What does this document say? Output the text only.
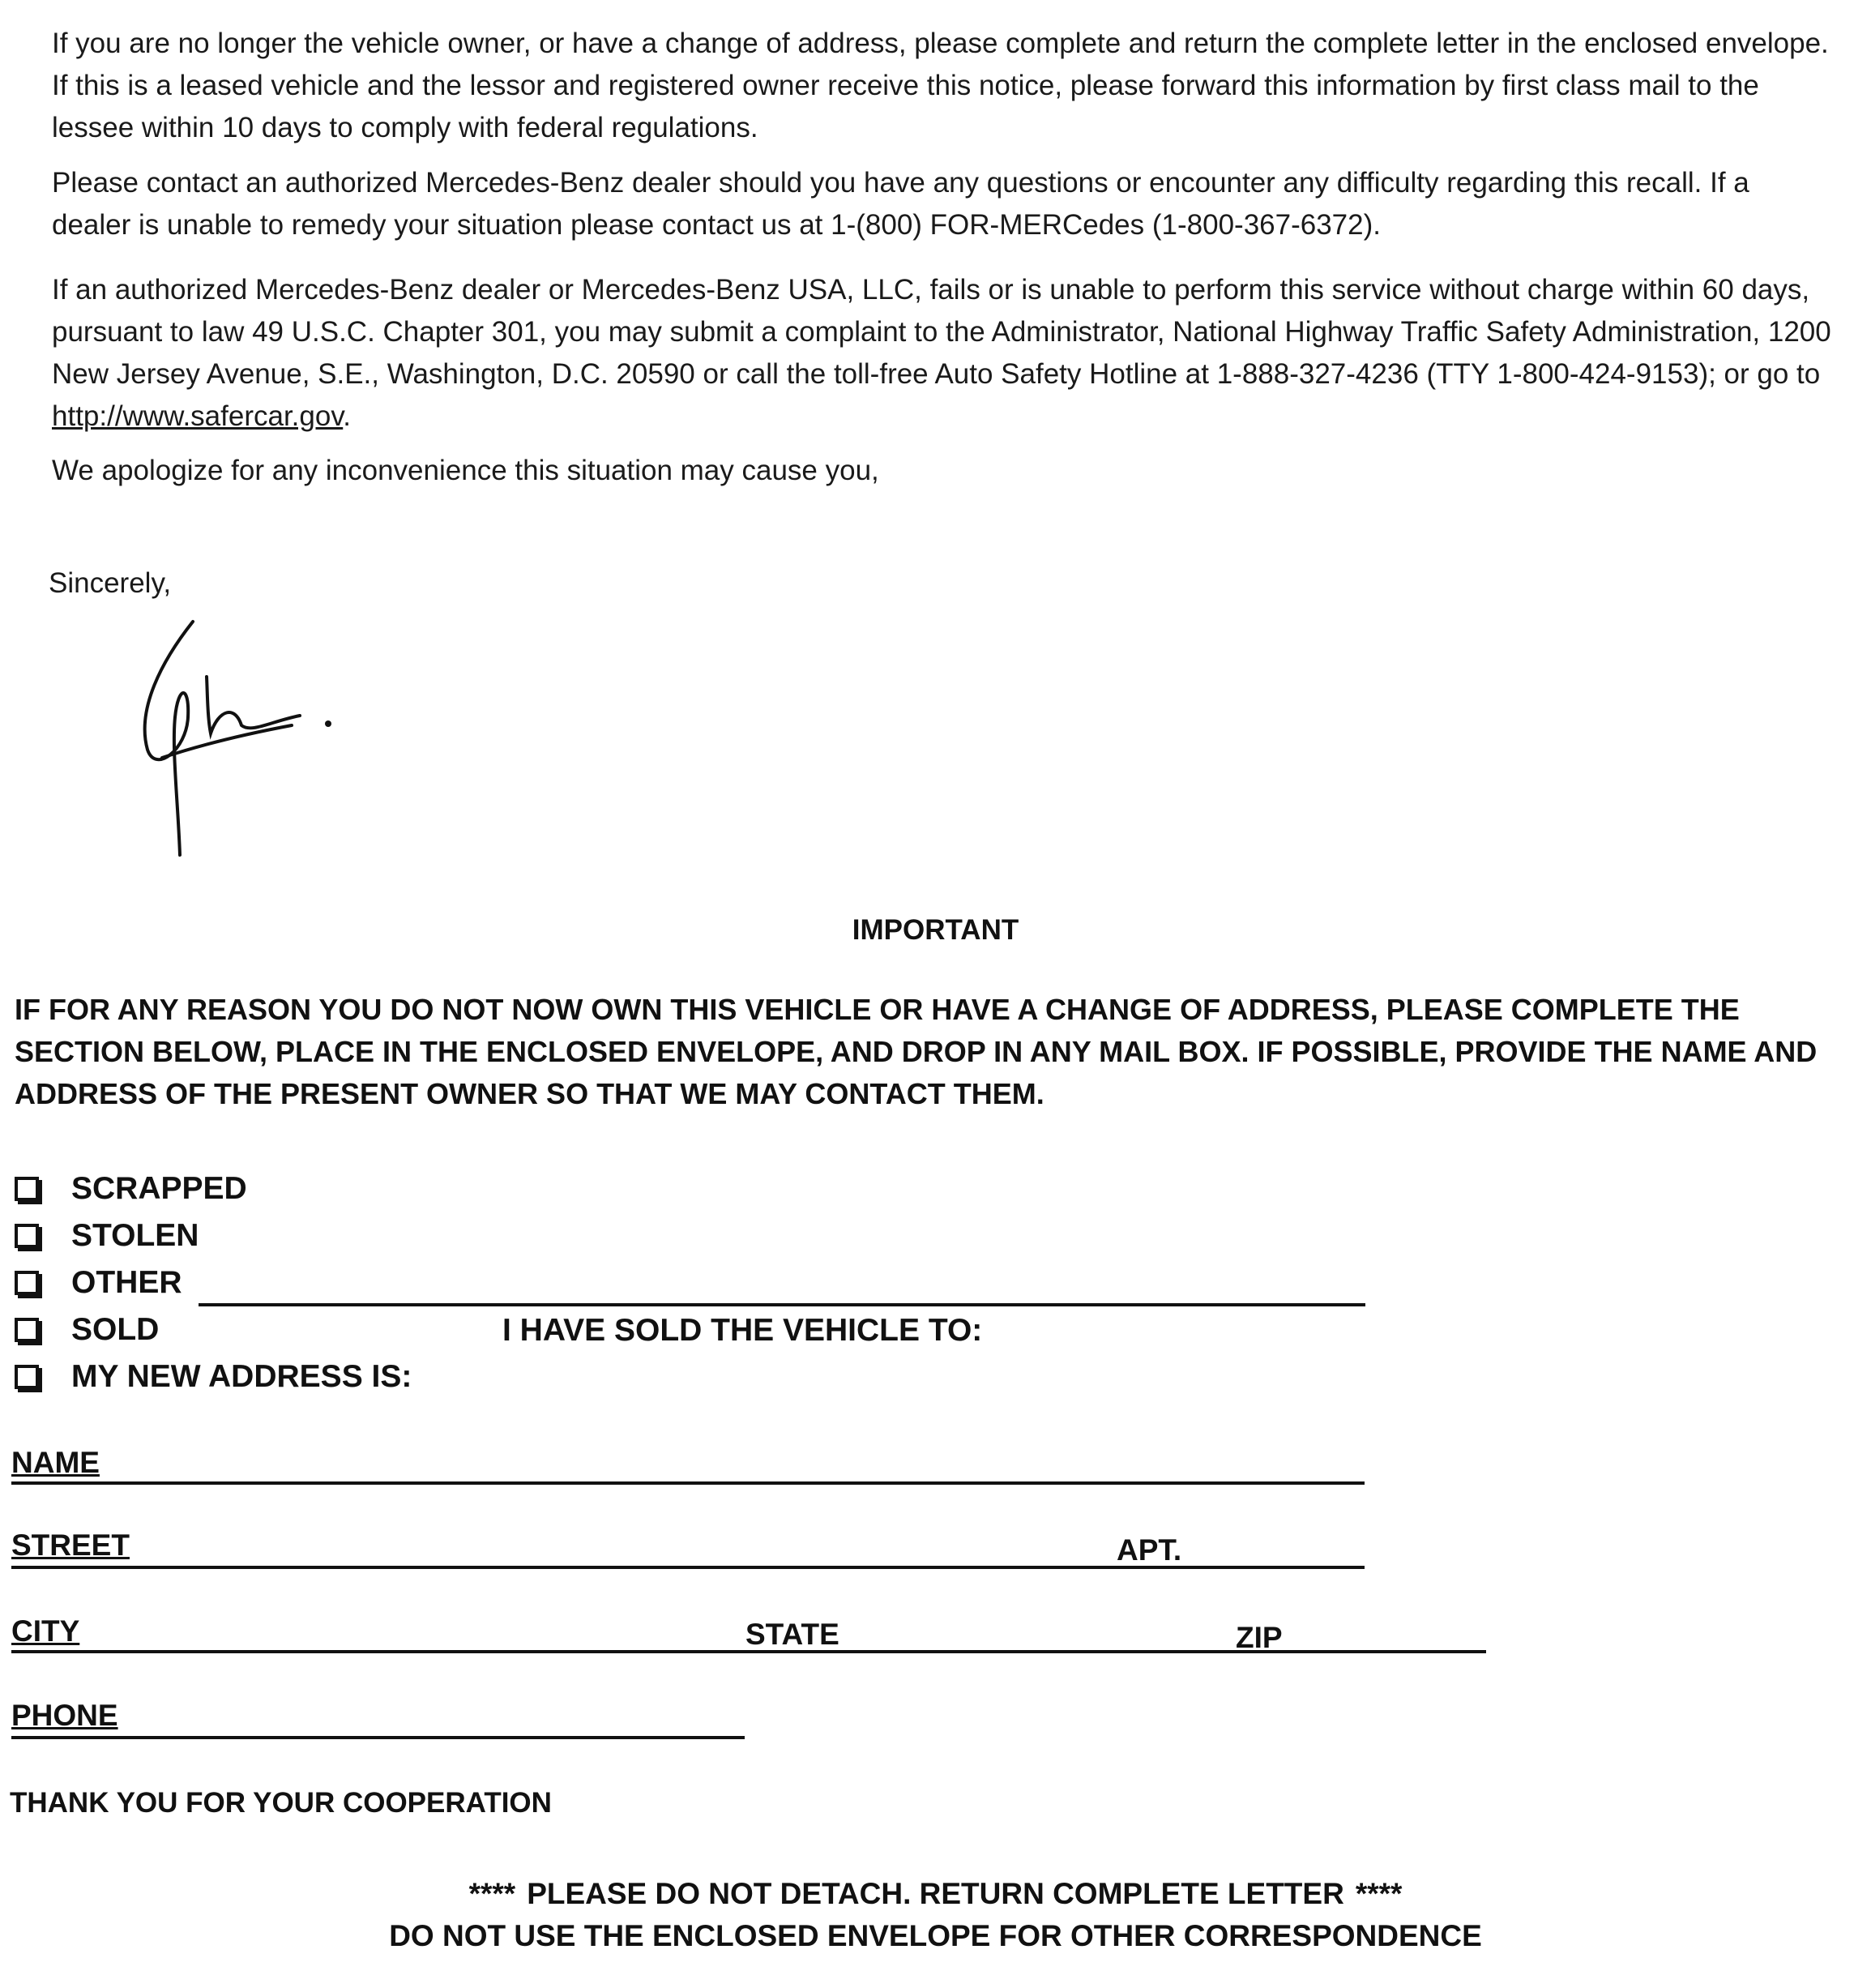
If you are no longer the vehicle owner, or have a change of address, please complete and return the complete letter in the enclosed envelope. If this is a leased vehicle and the lessor and registered owner receive this notice, please forward this information by first class mail to the lessee within 10 days to comply with federal regulations.

Please contact an authorized Mercedes-Benz dealer should you have any questions or encounter any difficulty regarding this recall. If a dealer is unable to remedy your situation please contact us at 1-(800) FOR-MERCedes (1-800-367-6372).

If an authorized Mercedes-Benz dealer or Mercedes-Benz USA, LLC, fails or is unable to perform this service without charge within 60 days, pursuant to law 49 U.S.C. Chapter 301, you may submit a complaint to the Administrator, National Highway Traffic Safety Administration, 1200 New Jersey Avenue, S.E., Washington, D.C. 20590 or call the toll-free Auto Safety Hotline at 1-888-327-4236 (TTY 1-800-424-9153); or go to http://www.safercar.gov.

We apologize for any inconvenience this situation may cause you,

Sincerely,
IMPORTANT

IF FOR ANY REASON YOU DO NOT NOW OWN THIS VEHICLE OR HAVE A CHANGE OF ADDRESS, PLEASE COMPLETE THE SECTION BELOW, PLACE IN THE ENCLOSED ENVELOPE, AND DROP IN ANY MAIL BOX. IF POSSIBLE, PROVIDE THE NAME AND ADDRESS OF THE PRESENT OWNER SO THAT WE MAY CONTACT THEM.

SCRAPPED
STOLEN
OTHER
SOLD
MY NEW ADDRESS IS:
I HAVE SOLD THE VEHICLE TO:
NAME
STREET	APT.
CITY	STATE	ZIP
PHONE
THANK YOU FOR YOUR COOPERATION
**** PLEASE DO NOT DETACH. RETURN COMPLETE LETTER ****
DO NOT USE THE ENCLOSED ENVELOPE FOR OTHER CORRESPONDENCE
